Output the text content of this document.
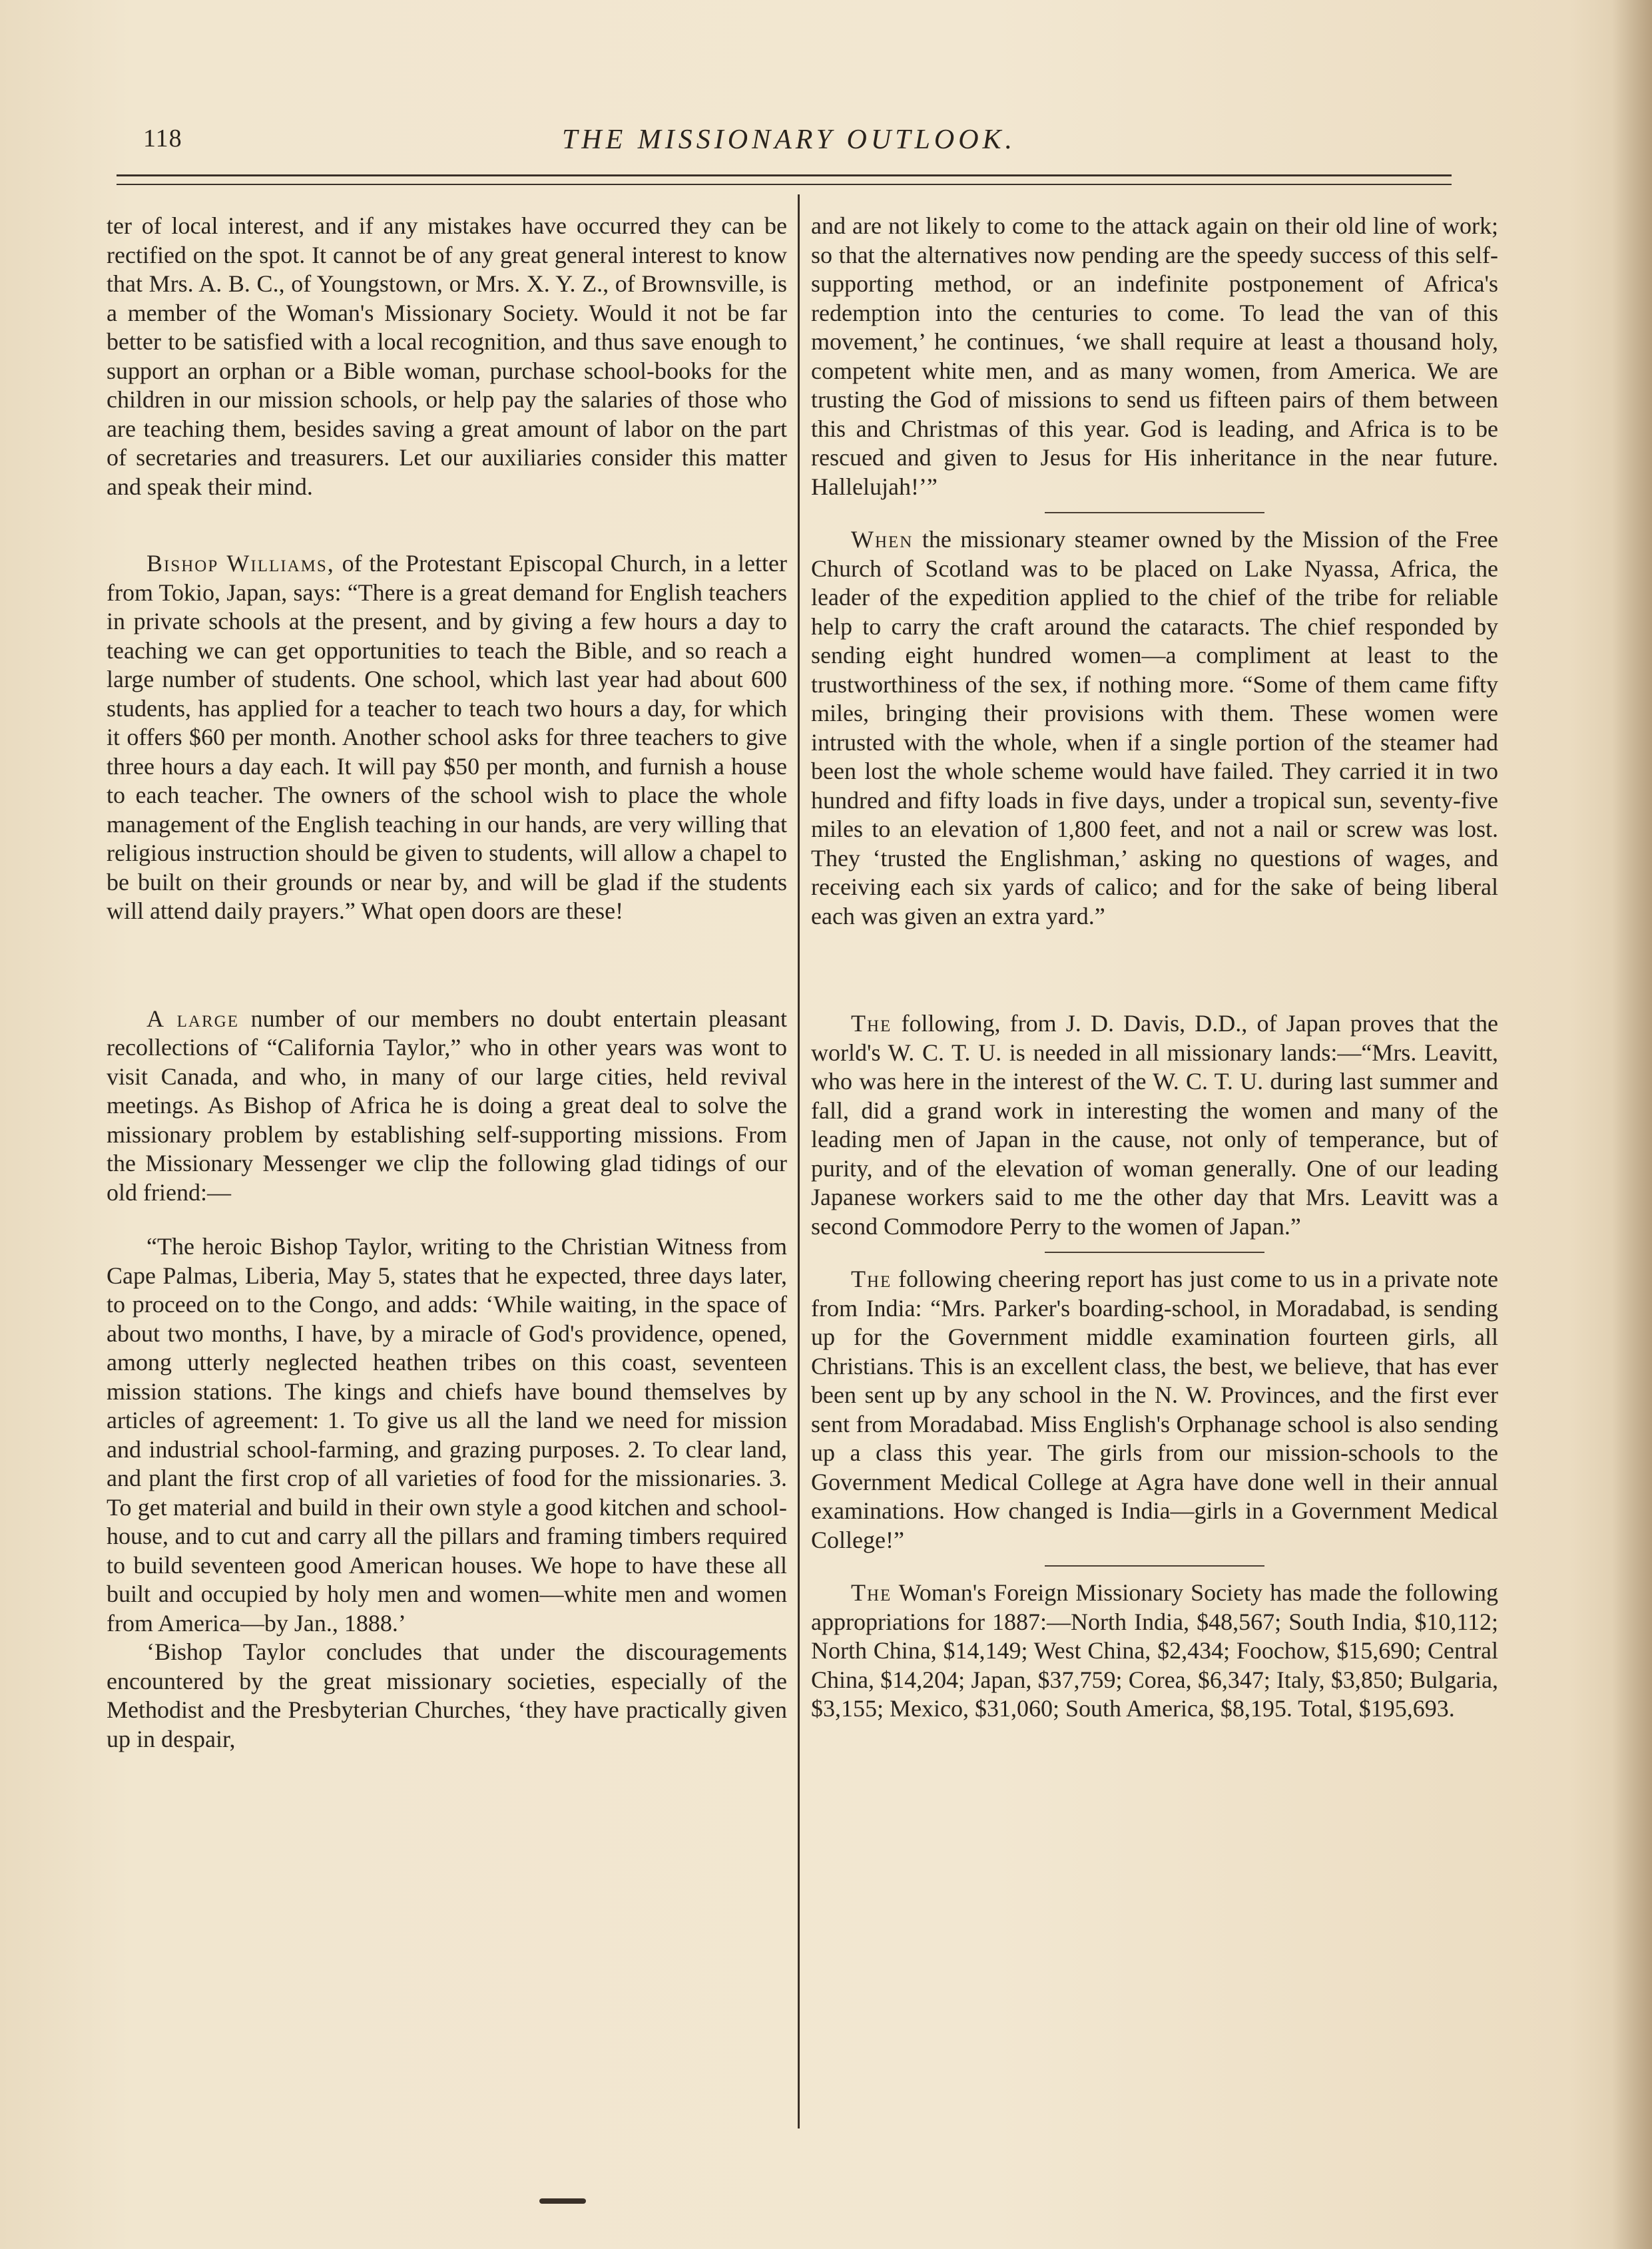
118	THE MISSIONARY OUTLOOK.

ter of local interest, and if any mistakes have occurred they can be rectified on the spot. It cannot be of any great general interest to know that Mrs. A. B. C., of Youngstown, or Mrs. X. Y. Z., of Brownsville, is a member of the Woman's Missionary Society. Would it not be far better to be satisfied with a local recognition, and thus save enough to support an orphan or a Bible woman, purchase school-books for the children in our mission schools, or help pay the salaries of those who are teaching them, besides saving a great amount of labor on the part of secretaries and treasurers. Let our auxiliaries consider this matter and speak their mind.

Bishop Williams, of the Protestant Episcopal Church, in a letter from Tokio, Japan, says: “There is a great demand for English teachers in private schools at the present, and by giving a few hours a day to teaching we can get opportunities to teach the Bible, and so reach a large number of students. One school, which last year had about 600 students, has applied for a teacher to teach two hours a day, for which it offers $60 per month. Another school asks for three teachers to give three hours a day each. It will pay $50 per month, and furnish a house to each teacher. The owners of the school wish to place the whole management of the English teaching in our hands, are very willing that religious instruction should be given to students, will allow a chapel to be built on their grounds or near by, and will be glad if the students will attend daily prayers.” What open doors are these!

A large number of our members no doubt entertain pleasant recollections of “California Taylor,” who in other years was wont to visit Canada, and who, in many of our large cities, held revival meetings. As Bishop of Africa he is doing a great deal to solve the missionary problem by establishing self-supporting missions. From the Missionary Messenger we clip the following glad tidings of our old friend:—

“The heroic Bishop Taylor, writing to the Christian Witness from Cape Palmas, Liberia, May 5, states that he expected, three days later, to proceed on to the Congo, and adds: ‘While waiting, in the space of about two months, I have, by a miracle of God's providence, opened, among utterly neglected heathen tribes on this coast, seventeen mission stations. The kings and chiefs have bound themselves by articles of agreement: 1. To give us all the land we need for mission and industrial school-farming, and grazing purposes. 2. To clear land, and plant the first crop of all varieties of food for the missionaries. 3. To get material and build in their own style a good kitchen and school-house, and to cut and carry all the pillars and framing timbers required to build seventeen good American houses. We hope to have these all built and occupied by holy men and women—white men and women from America—by Jan., 1888.’

‘Bishop Taylor concludes that under the discouragements encountered by the great missionary societies, especially of the Methodist and the Presbyterian Churches, ‘they have practically given up in despair,

and are not likely to come to the attack again on their old line of work; so that the alternatives now pending are the speedy success of this self-supporting method, or an indefinite postponement of Africa's redemption into the centuries to come. To lead the van of this movement,’ he continues, ‘we shall require at least a thousand holy, competent white men, and as many women, from America. We are trusting the God of missions to send us fifteen pairs of them between this and Christmas of this year. God is leading, and Africa is to be rescued and given to Jesus for His inheritance in the near future. Hallelujah!’”

When the missionary steamer owned by the Mission of the Free Church of Scotland was to be placed on Lake Nyassa, Africa, the leader of the expedition applied to the chief of the tribe for reliable help to carry the craft around the cataracts. The chief responded by sending eight hundred women—a compliment at least to the trustworthiness of the sex, if nothing more. “Some of them came fifty miles, bringing their provisions with them. These women were intrusted with the whole, when if a single portion of the steamer had been lost the whole scheme would have failed. They carried it in two hundred and fifty loads in five days, under a tropical sun, seventy-five miles to an elevation of 1,800 feet, and not a nail or screw was lost. They ‘trusted the Englishman,’ asking no questions of wages, and receiving each six yards of calico; and for the sake of being liberal each was given an extra yard.”

The following, from J. D. Davis, D.D., of Japan proves that the world's W. C. T. U. is needed in all missionary lands:—“Mrs. Leavitt, who was here in the interest of the W. C. T. U. during last summer and fall, did a grand work in interesting the women and many of the leading men of Japan in the cause, not only of temperance, but of purity, and of the elevation of woman generally. One of our leading Japanese workers said to me the other day that Mrs. Leavitt was a second Commodore Perry to the women of Japan.”

The following cheering report has just come to us in a private note from India: “Mrs. Parker's boarding-school, in Moradabad, is sending up for the Government middle examination fourteen girls, all Christians. This is an excellent class, the best, we believe, that has ever been sent up by any school in the N. W. Provinces, and the first ever sent from Moradabad. Miss English's Orphanage school is also sending up a class this year. The girls from our mission-schools to the Government Medical College at Agra have done well in their annual examinations. How changed is India—girls in a Government Medical College!”

The Woman's Foreign Missionary Society has made the following appropriations for 1887:—North India, $48,567; South India, $10,112; North China, $14,149; West China, $2,434; Foochow, $15,690; Central China, $14,204; Japan, $37,759; Corea, $6,347; Italy, $3,850; Bulgaria, $3,155; Mexico, $31,060; South America, $8,195. Total, $195,693.
